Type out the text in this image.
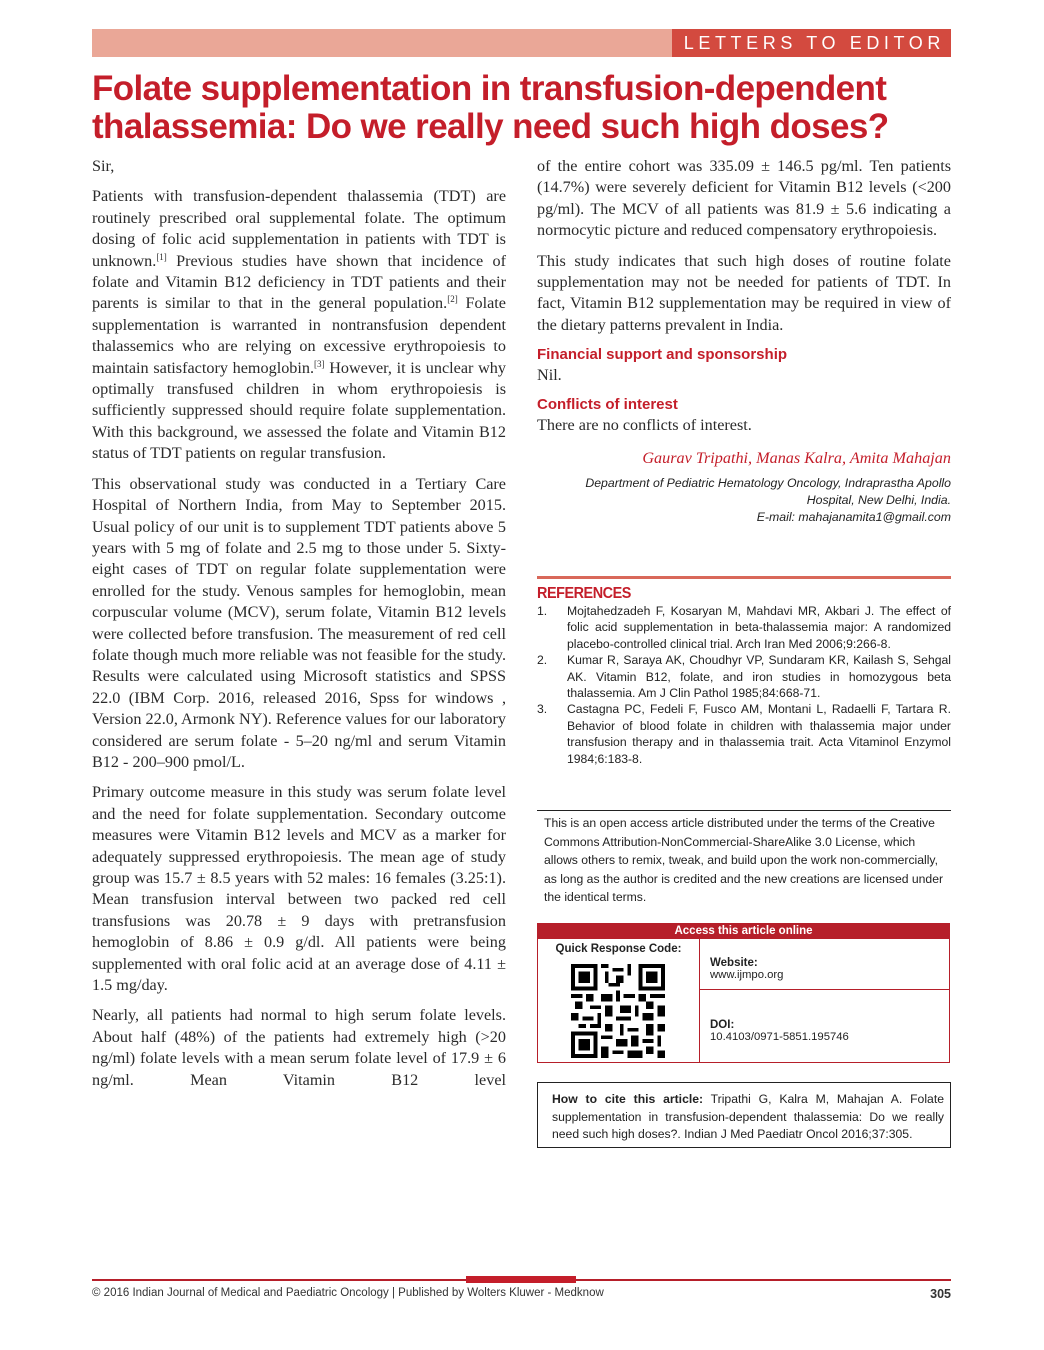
LETTERS TO EDITOR
Folate supplementation in transfusion-dependent thalassemia: Do we really need such high doses?

Sir,

Patients with transfusion-dependent thalassemia (TDT) are routinely prescribed oral supplemental folate. The optimum dosing of folic acid supplementation in patients with TDT is unknown.[1] Previous studies have shown that incidence of folate and Vitamin B12 deficiency in TDT patients and their parents is similar to that in the general population.[2] Folate supplementation is warranted in nontransfusion dependent thalassemics who are relying on excessive erythropoiesis to maintain satisfactory hemoglobin.[3] However, it is unclear why optimally transfused children in whom erythropoiesis is sufficiently suppressed should require folate supplementation. With this background, we assessed the folate and Vitamin B12 status of TDT patients on regular transfusion.

This observational study was conducted in a Tertiary Care Hospital of Northern India, from May to September 2015. Usual policy of our unit is to supplement TDT patients above 5 years with 5 mg of folate and 2.5 mg to those under 5. Sixty-eight cases of TDT on regular folate supplementation were enrolled for the study. Venous samples for hemoglobin, mean corpuscular volume (MCV), serum folate, Vitamin B12 levels were collected before transfusion. The measurement of red cell folate though much more reliable was not feasible for the study. Results were calculated using Microsoft statistics and SPSS 22.0 (IBM Corp. 2016, released 2016, Spss for windows , Version 22.0, Armonk NY). Reference values for our laboratory considered are serum folate - 5–20 ng/ml and serum Vitamin B12 - 200–900 pmol/L.

Primary outcome measure in this study was serum folate level and the need for folate supplementation. Secondary outcome measures were Vitamin B12 levels and MCV as a marker for adequately suppressed erythropoiesis. The mean age of study group was 15.7 ± 8.5 years with 52 males: 16 females (3.25:1). Mean transfusion interval between two packed red cell transfusions was 20.78 ± 9 days with pretransfusion hemoglobin of 8.86 ± 0.9 g/dl. All patients were being supplemented with oral folic acid at an average dose of 4.11 ± 1.5 mg/day.

Nearly, all patients had normal to high serum folate levels. About half (48%) of the patients had extremely high (>20 ng/ml) folate levels with a mean serum folate level of 17.9 ± 6 ng/ml. Mean Vitamin B12 level

of the entire cohort was 335.09 ± 146.5 pg/ml. Ten patients (14.7%) were severely deficient for Vitamin B12 levels (<200 pg/ml). The MCV of all patients was 81.9 ± 5.6 indicating a normocytic picture and reduced compensatory erythropoiesis.

This study indicates that such high doses of routine folate supplementation may not be needed for patients of TDT. In fact, Vitamin B12 supplementation may be required in view of the dietary patterns prevalent in India.

Financial support and sponsorship
Nil.
Conflicts of interest
There are no conflicts of interest.
Gaurav Tripathi, Manas Kalra, Amita Mahajan
Department of Pediatric Hematology Oncology, Indraprastha Apollo
Hospital, New Delhi, India.
E-mail: mahajanamita1@gmail.com
REFERENCES
1.	Mojtahedzadeh F, Kosaryan M, Mahdavi MR, Akbari J. The effect of folic acid supplementation in beta-thalassemia major: A randomized placebo-controlled clinical trial. Arch Iran Med 2006;9:266-8.
2.	Kumar R, Saraya AK, Choudhyr VP, Sundaram KR, Kailash S, Sehgal AK. Vitamin B12, folate, and iron studies in homozygous beta thalassemia. Am J Clin Pathol 1985;84:668-71.
3.	Castagna PC, Fedeli F, Fusco AM, Montani L, Radaelli F, Tartara R. Behavior of blood folate in children with thalassemia major under transfusion therapy and in thalassemia trait. Acta Vitaminol Enzymol 1984;6:183-8.
This is an open access article distributed under the terms of the Creative Commons Attribution-NonCommercial-ShareAlike 3.0 License, which allows others to remix, tweak, and build upon the work non-commercially, as long as the author is credited and the new creations are licensed under the identical terms.
Access this article online
Quick Response Code:
Website:
www.ijmpo.org
DOI:
10.4103/0971-5851.195746
How to cite this article: Tripathi G, Kalra M, Mahajan A. Folate supplementation in transfusion-dependent thalassemia: Do we really need such high doses?. Indian J Med Paediatr Oncol 2016;37:305.
© 2016 Indian Journal of Medical and Paediatric Oncology | Published by Wolters Kluwer - Medknow	305
